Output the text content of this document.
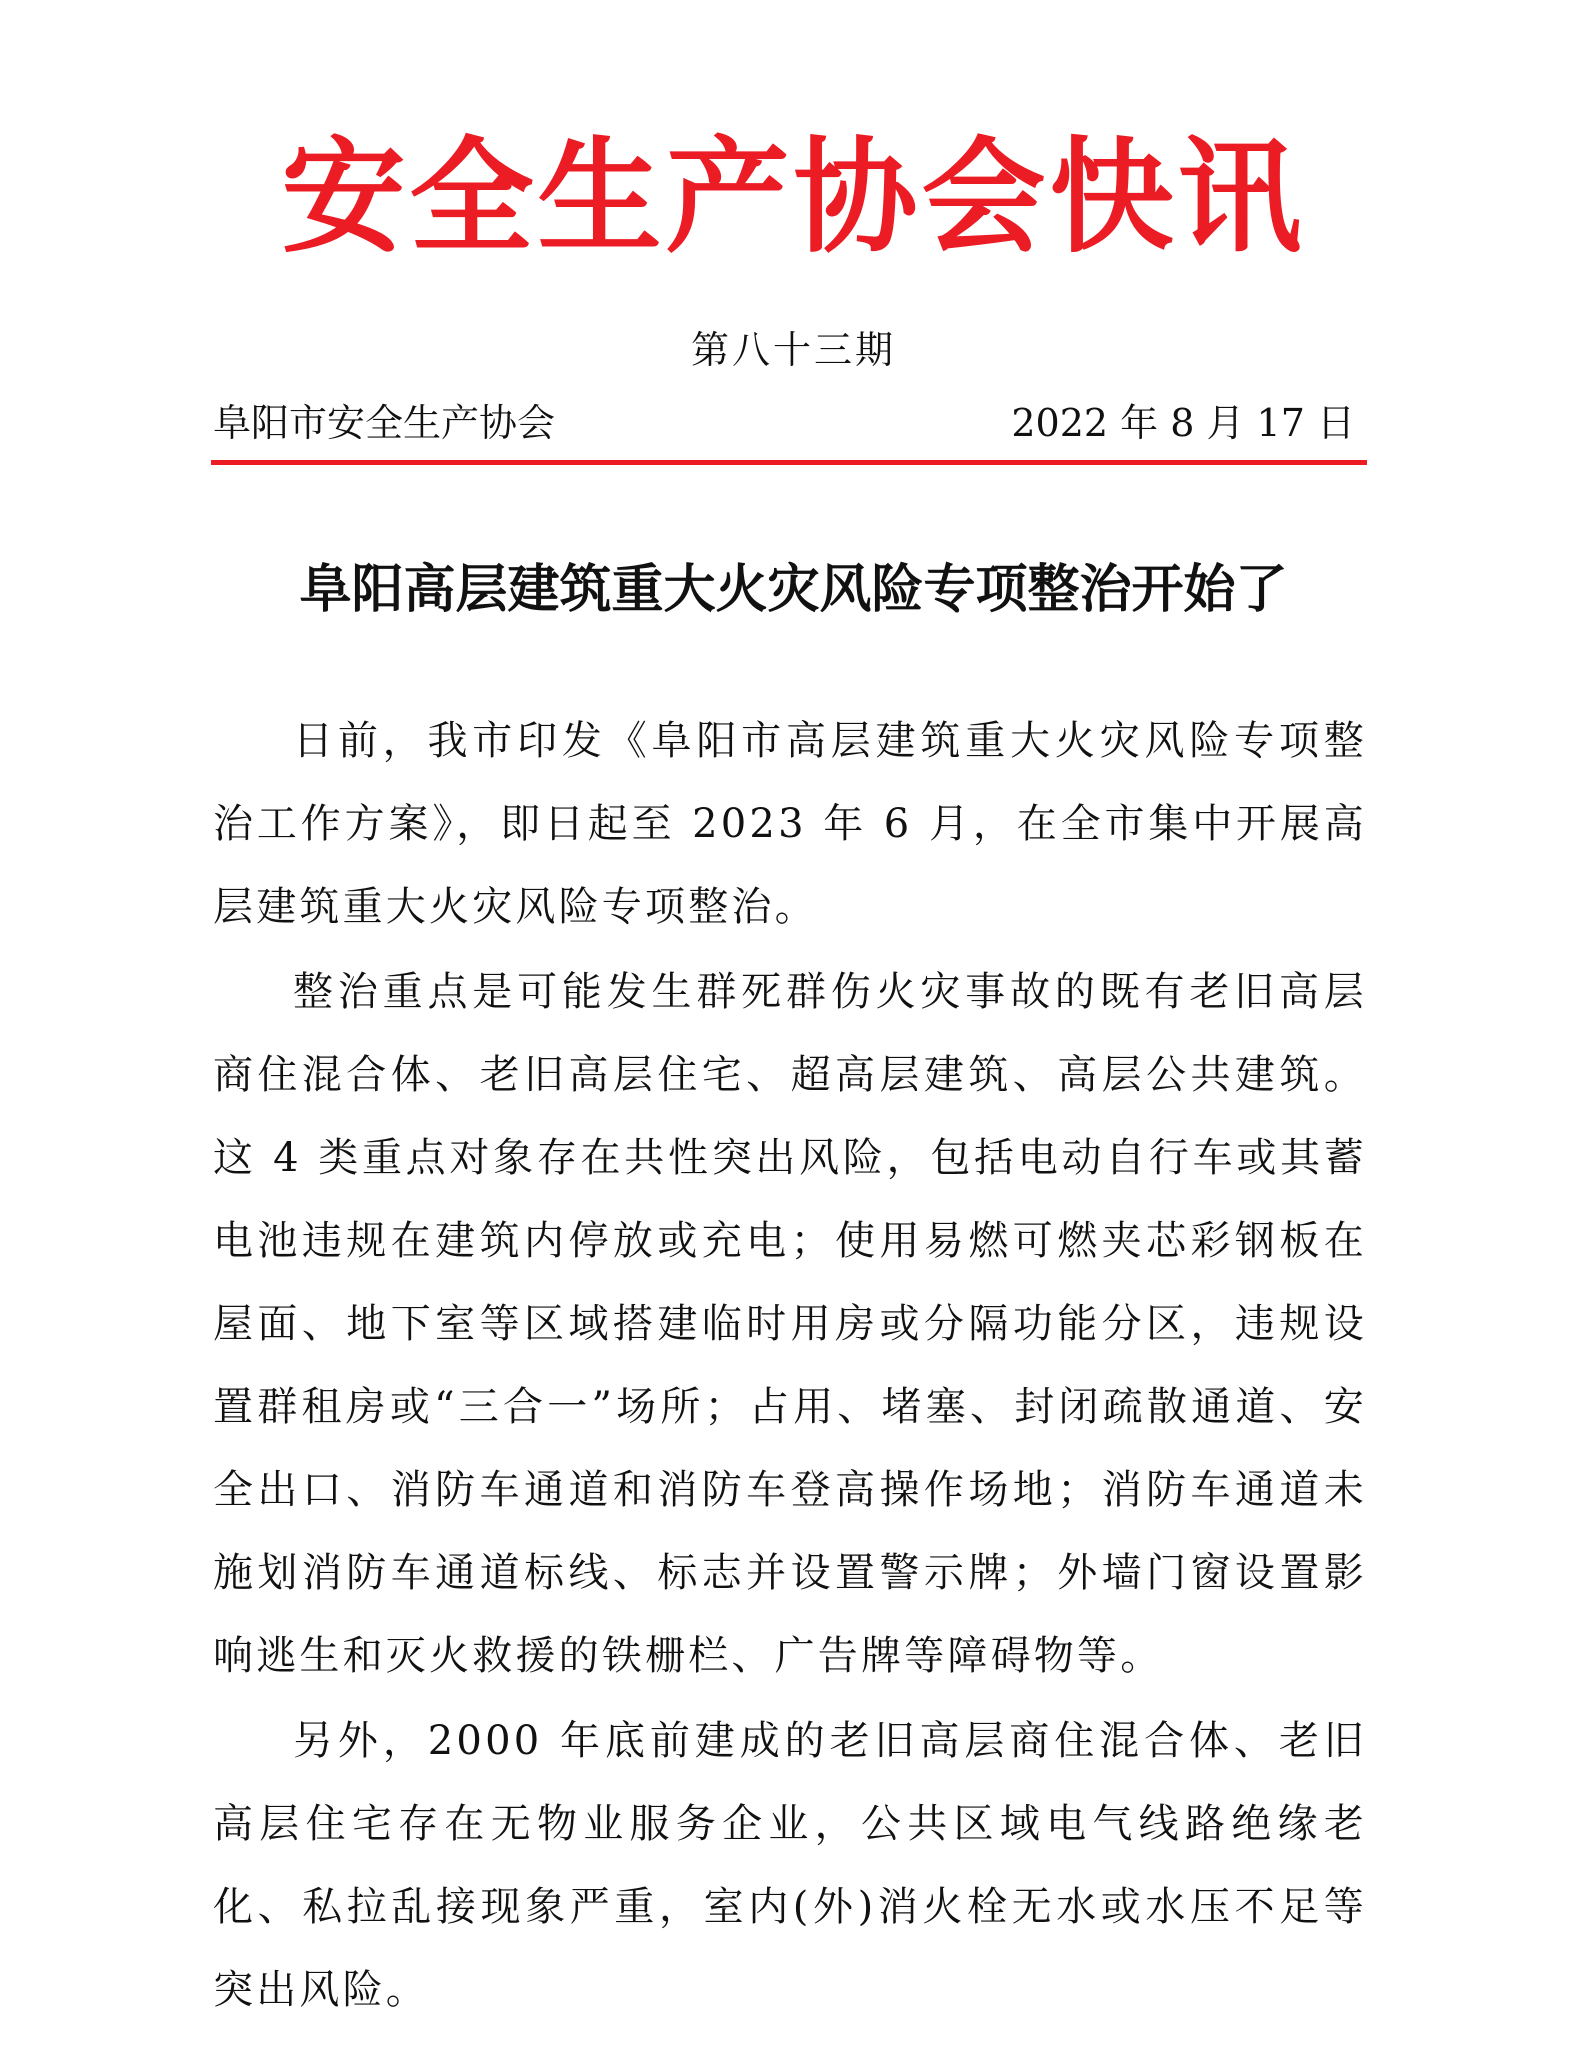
安全生产协会快讯
第八十三期
阜阳市安全生产协会	2022 年 8 月 17 日
阜阳高层建筑重大火灾风险专项整治开始了

日前，我市印发《阜阳市高层建筑重大火灾风险专项整治工作方案》，即日起至 2023 年 6 月，在全市集中开展高层建筑重大火灾风险专项整治。

整治重点是可能发生群死群伤火灾事故的既有老旧高层商住混合体、老旧高层住宅、超高层建筑、高层公共建筑。这 4 类重点对象存在共性突出风险，包括电动自行车或其蓄电池违规在建筑内停放或充电；使用易燃可燃夹芯彩钢板在屋面、地下室等区域搭建临时用房或分隔功能分区，违规设置群租房或“三合一”场所；占用、堵塞、封闭疏散通道、安全出口、消防车通道和消防车登高操作场地；消防车通道未施划消防车通道标线、标志并设置警示牌；外墙门窗设置影响逃生和灭火救援的铁栅栏、广告牌等障碍物等。

另外，2000 年底前建成的老旧高层商住混合体、老旧高层住宅存在无物业服务企业，公共区域电气线路绝缘老化、私拉乱接现象严重，室内(外)消火栓无水或水压不足等突出风险。
